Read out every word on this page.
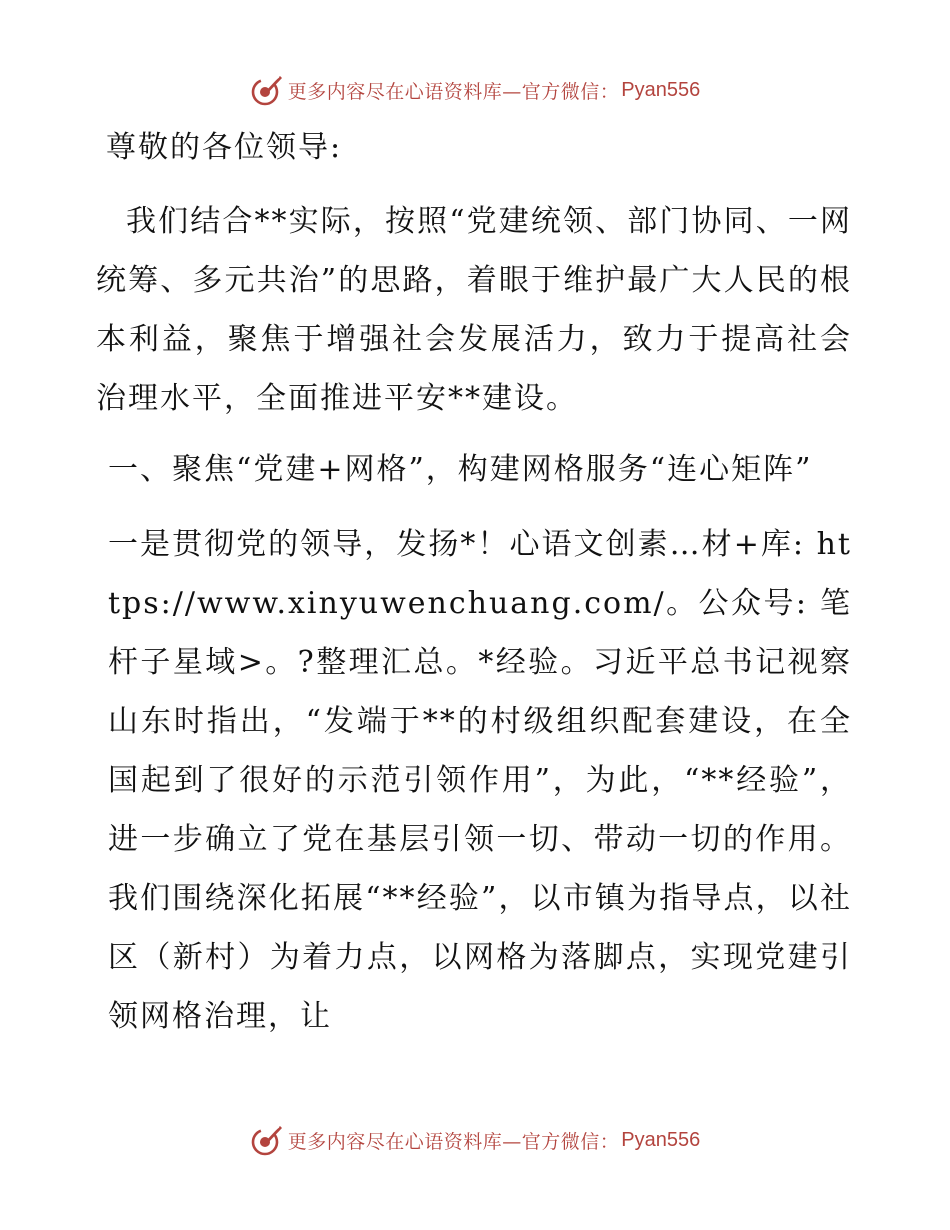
更多内容尽在心语资料库—官方微信： Pyan556

尊敬的各位领导:

我们结合**实际，按照“党建统领、部门协同、一网统筹、多元共治”的思路，着眼于维护最广大人民的根本利益，聚焦于增强社会发展活力，致力于提高社会治理水平，全面推进平安**建设。

一、聚焦“党建+网格”，构建网格服务“连心矩阵”

一是贯彻党的领导，发扬*！心语文创素…材+库: https://www.xinyuwenchuang.com/。公众号: 笔杆子星域>。?整理汇总。*经验。习近平总书记视察山东时指出，“发端于**的村级组织配套建设，在全国起到了很好的示范引领作用”，为此，“**经验”，进一步确立了党在基层引领一切、带动一切的作用。我们围绕深化拓展“**经验”，以市镇为指导点，以社区（新村）为着力点，以网格为落脚点，实现党建引领网格治理，让

更多内容尽在心语资料库—官方微信： Pyan556
